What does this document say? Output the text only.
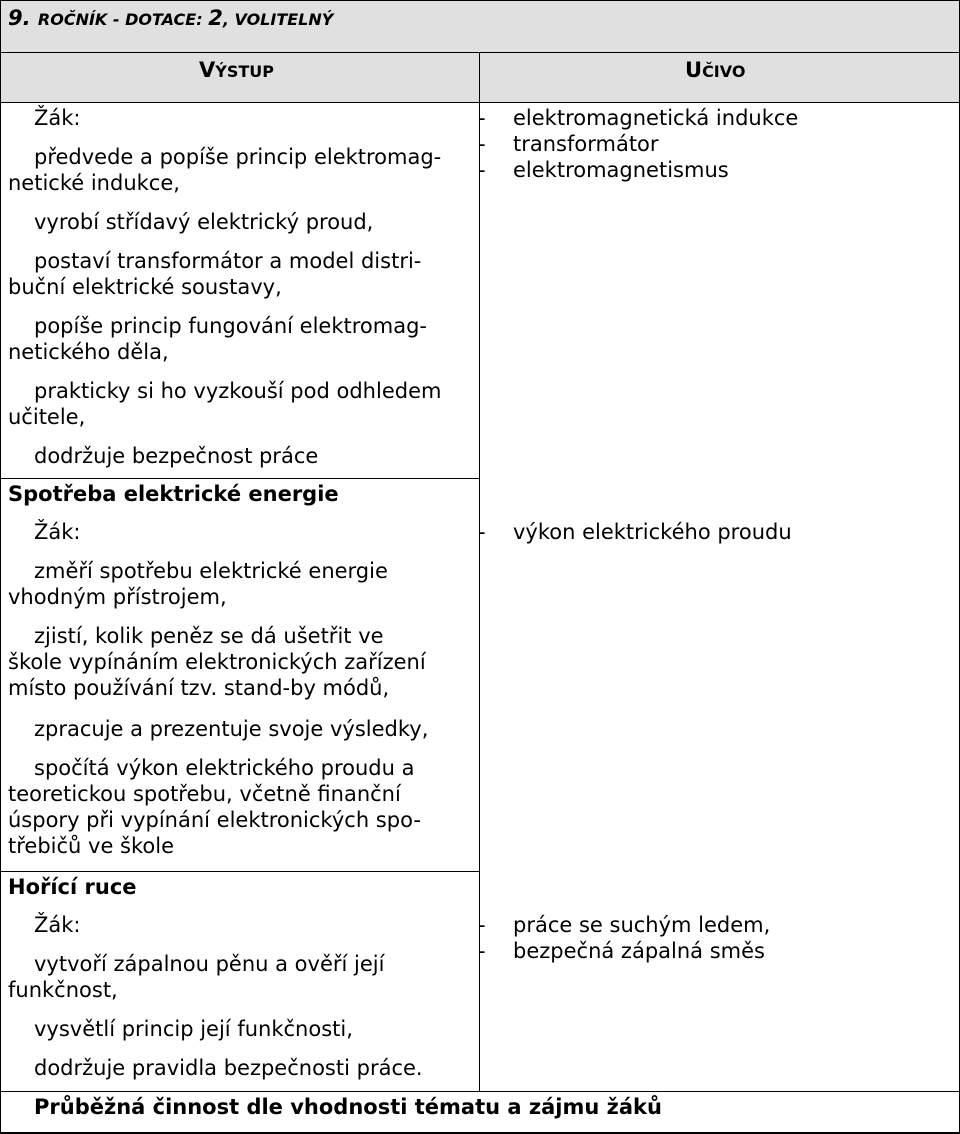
9. ROČNÍK - DOTACE: 2, VOLITELNÝ
VÝSTUP	UČIVO
Žák:
předvede a popíše princip elektromag-
netické indukce,
vyrobí střídavý elektrický proud,
postaví transformátor a model distri-
buční elektrické soustavy,
popíše princip fungování elektromag-
netického děla,
prakticky si ho vyzkouší pod odhledem
učitele,
dodržuje bezpečnost práce
- elektromagnetická indukce
- transformátor
- elektromagnetismus
Spotřeba elektrické energie
Žák:
změří spotřebu elektrické energie
vhodným přístrojem,
zjistí, kolik peněz se dá ušetřit ve
škole vypínáním elektronických zařízení
místo používání tzv. stand-by módů,
zpracuje a prezentuje svoje výsledky,
spočítá výkon elektrického proudu a
teoretickou spotřebu, včetně finanční
úspory při vypínání elektronických spo-
třebičů ve škole
- výkon elektrického proudu
Hořící ruce
Žák:
vytvoří zápalnou pěnu a ověří její
funkčnost,
vysvětlí princip její funkčnosti,
dodržuje pravidla bezpečnosti práce.
- práce se suchým ledem,
- bezpečná zápalná směs
Průběžná činnost dle vhodnosti tématu a zájmu žáků
